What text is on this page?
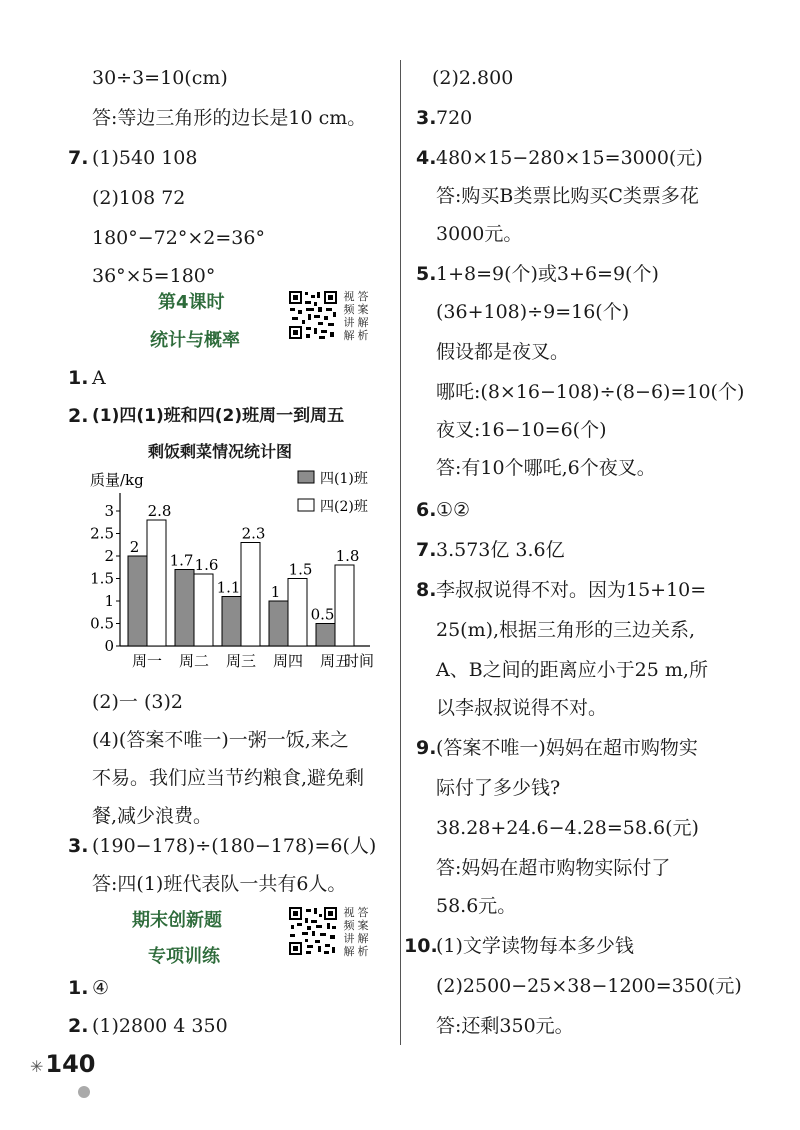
30÷3=10(cm)
答:等边三角形的边长是10 cm。
7. (1)540 108
(2)108 72
180°−72°×2=36°
36°×5=180°
第4课时
统计与概率
视 答频 案讲 解解 析
1. A
2. (1)四(1)班和四(2)班周一到周五
剩饭剩菜情况统计图
质量/kg
0
0.5
1
1.5
2
2.5
3
2
2.8
周一
1.7 1.6
周二
1.1
2.3
周三
1
1.5
周四
0.5
1.8
周五
时间
四(1)班
四(2)班
(2)一 (3)2
(4)(答案不唯一)一粥一饭,来之
不易。我们应当节约粮食,避免剩
餐,减少浪费。
3. (190−178)÷(180−178)=6(人)
答:四(1)班代表队一共有6人。
期末创新题
专项训练
视 答频 案讲 解解 析
1. ④
2. (1)2800 4 350
(2)2.800
3. 720
4. 480×15−280×15=3000(元)
答:购买B类票比购买C类票多花
3000元。
5. 1+8=9(个)或3+6=9(个)
(36+108)÷9=16(个)
假设都是夜叉。
哪吒:(8×16−108)÷(8−6)=10(个)
夜叉:16−10=6(个)
答:有10个哪吒,6个夜叉。
6. ①②
7. 3.573亿 3.6亿
8. 李叔叔说得不对。因为15+10=
25(m),根据三角形的三边关系,
A、B之间的距离应小于25 m,所
以李叔叔说得不对。
9. (答案不唯一)妈妈在超市购物实
际付了多少钱?
38.28+24.6−4.28=58.6(元)
答:妈妈在超市购物实际付了
58.6元。
10.
(1)文学读物每本多少钱
(2)2500−25×38−1200=350(元)
答:还剩350元。
✳140
